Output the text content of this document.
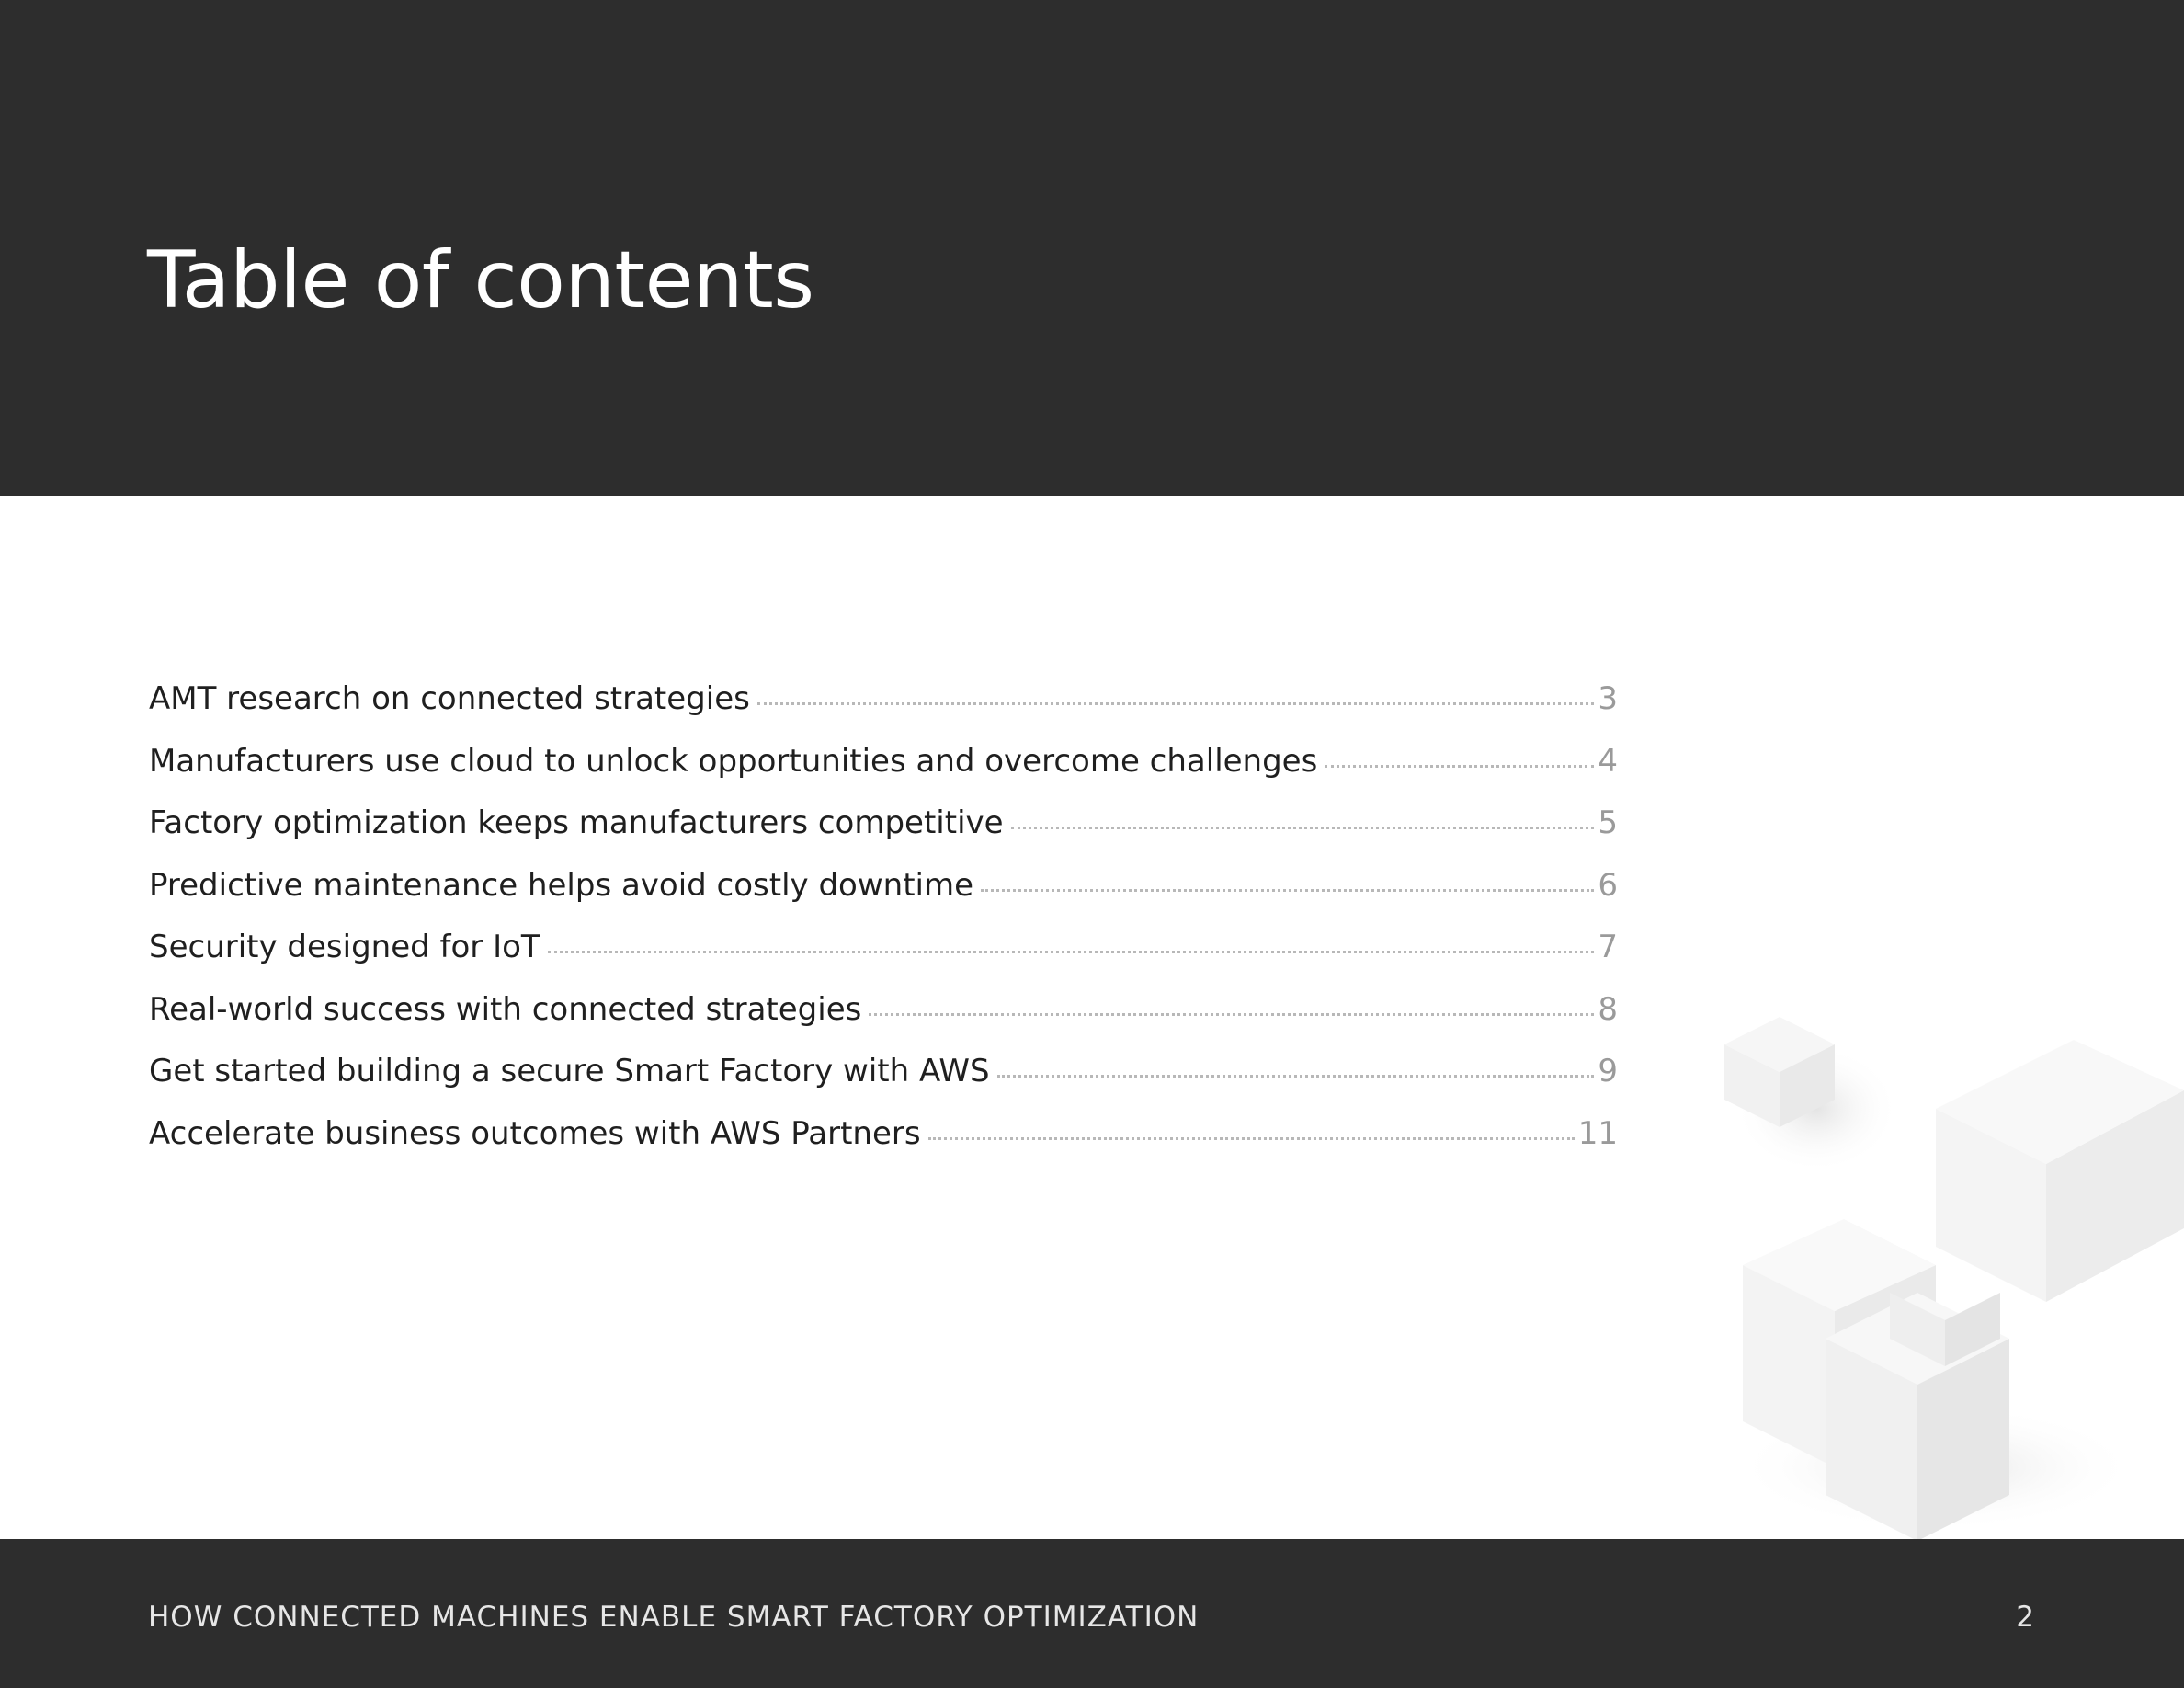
Table of contents
AMT research on connected strategies	3
Manufacturers use cloud to unlock opportunities and overcome challenges	4
Factory optimization keeps manufacturers competitive	5
Predictive maintenance helps avoid costly downtime	6
Security designed for IoT	7
Real-world success with connected strategies	8
Get started building a secure Smart Factory with AWS	9
Accelerate business outcomes with AWS Partners	11
HOW CONNECTED MACHINES ENABLE SMART FACTORY OPTIMIZATION	2
